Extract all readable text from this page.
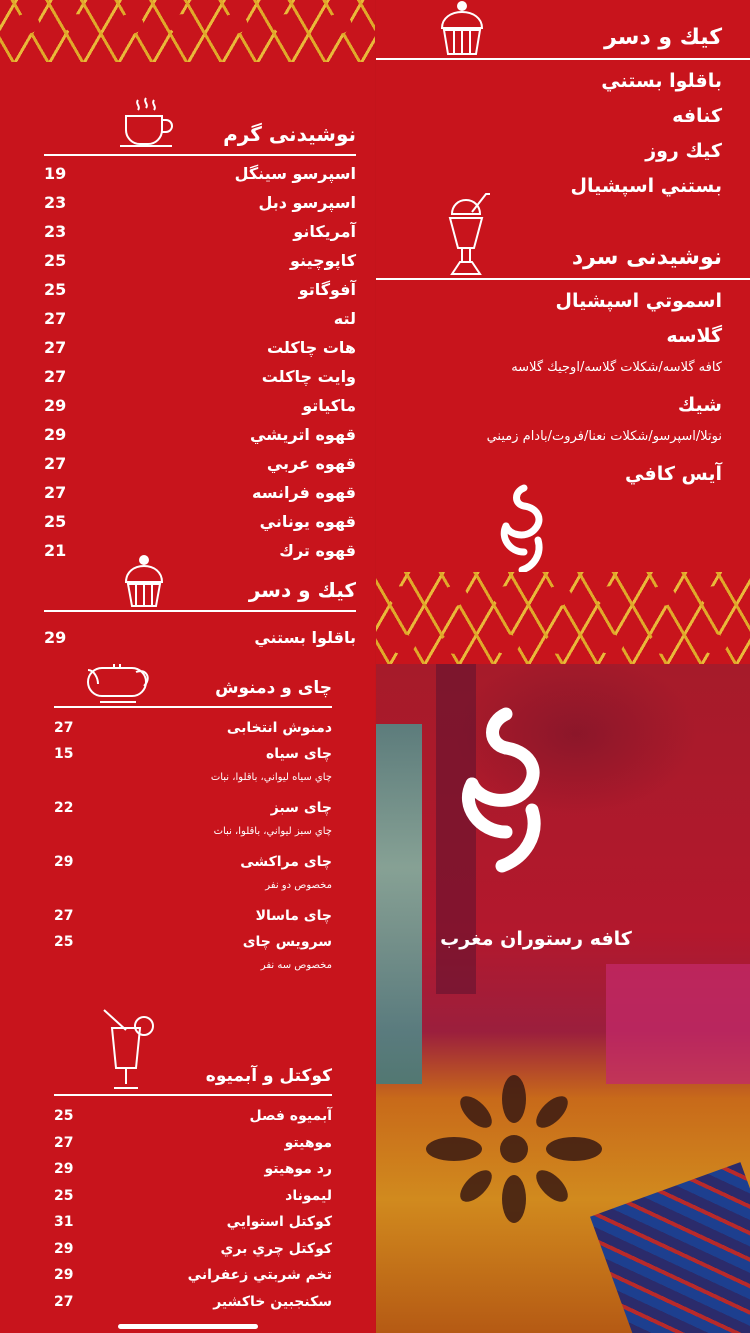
نوشیدنی گرم
اسپرسو سينگل
19
اسپرسو دبل
23
آمريكانو
23
كاپوچينو
25
آفوگاتو
25
لته
27
هات چاكلت
27
وايت چاكلت
27
ماكياتو
29
قهوه اتريشي
29
قهوه عربي
27
قهوه فرانسه
27
قهوه يوناني
25
قهوه ترك
21
كيك و دسر
باقلوا بستني
29
كيك و دسر
باقلوا بستني
كنافه
كيك روز
بستني اسپشيال
نوشیدنی سرد
اسموتي اسپشيال
گلاسه
كافه گلاسه/شكلات گلاسه/اوجيك گلاسه
شيك
نوتلا/اسپرسو/شكلات نعنا/فروت/بادام زميني
آيس كافي
چای و دمنوش
دمنوش انتخابی
27
چای سیاه
15
چاي سياه ليواني، باقلوا، نبات
چای سبز
22
چاي سبز ليواني، باقلوا، نبات
چای مراكشی
29
مخصوص دو نفر
چای ماسالا
27
سرويس چای
25
مخصوص سه نفر
كوكتل و آبميوه
آبميوه فصل
25
موهيتو
27
رد موهيتو
29
ليموناد
25
كوكتل استوايي
31
كوكتل چري بري
29
تخم شربتي زعفراني
29
سكنجبين خاكشير
27
کافه رستوران مغرب
